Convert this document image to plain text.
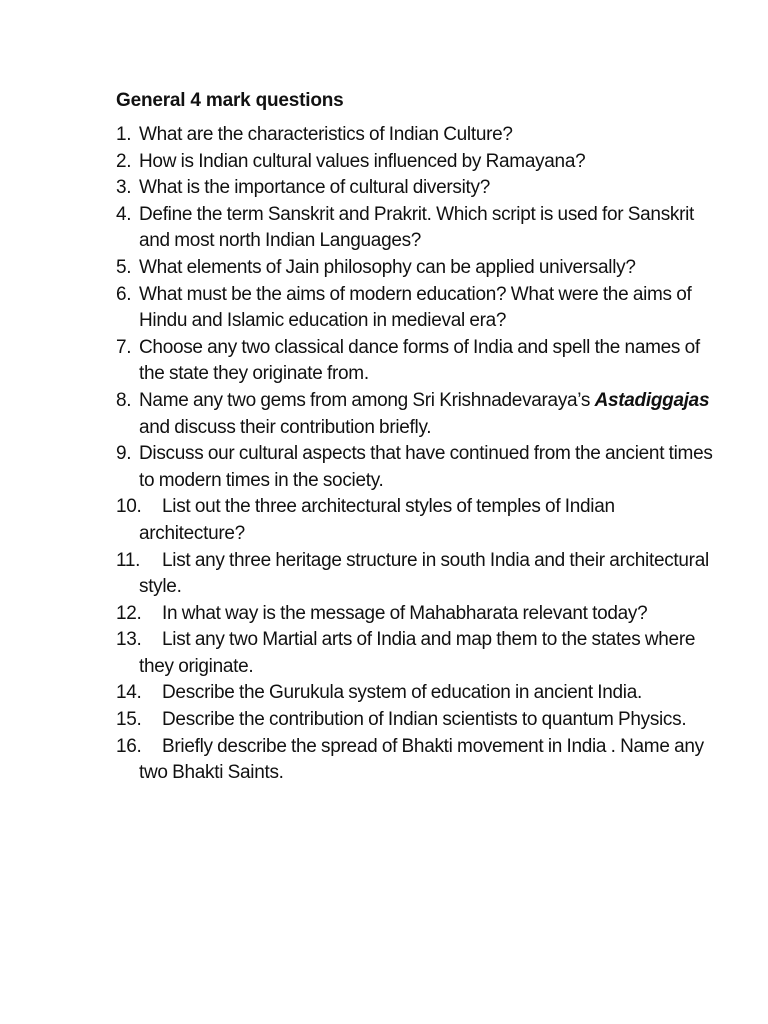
General 4 mark questions
1. What are the characteristics of Indian Culture?
2. How is Indian cultural values influenced by Ramayana?
3. What is the importance of cultural diversity?
4. Define the term Sanskrit and Prakrit. Which script is used for Sanskrit and most north Indian Languages?
5. What elements of Jain philosophy can be applied universally?
6. What must be the aims of modern education? What were the aims of Hindu and Islamic education in medieval era?
7. Choose any two classical dance forms of India and spell the names of the state they originate from.
8. Name any two gems from among Sri Krishnadevaraya’s Astadiggajas and discuss their contribution briefly.
9. Discuss our cultural aspects that have continued from the ancient times to modern times in the society.
10. List out the three architectural styles of temples of Indian architecture?
11. List any three heritage structure in south India and their architectural style.
12. In what way is the message of Mahabharata relevant today?
13. List any two Martial arts of India and map them to the states where they originate.
14. Describe the Gurukula system of education in ancient India.
15. Describe the contribution of Indian scientists to quantum Physics.
16. Briefly describe the spread of Bhakti movement in India . Name any two Bhakti Saints.
